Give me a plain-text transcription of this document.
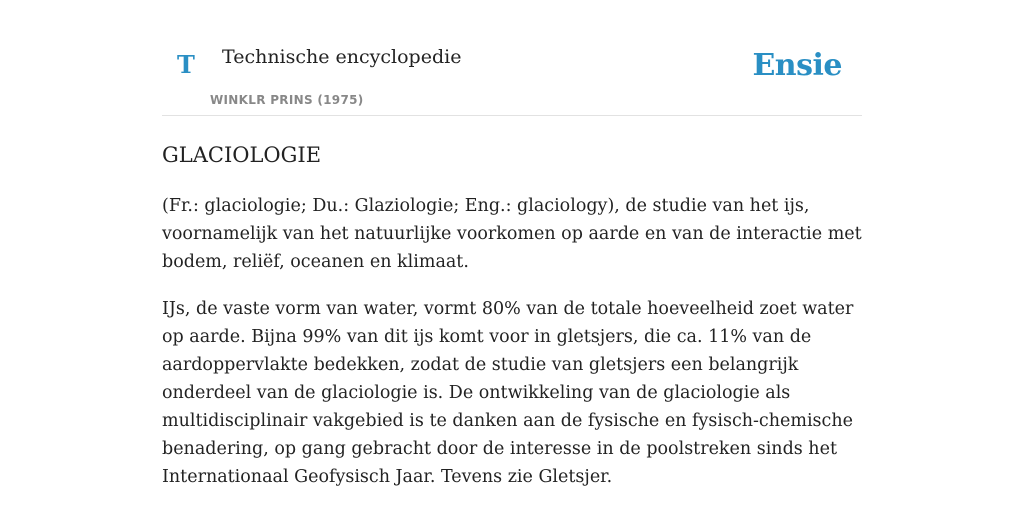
T Technische encyclopedie
WINKLR PRINS (1975)
Ensie
GLACIOLOGIE

(Fr.: glaciologie; Du.: Glaziologie; Eng.: glaciology), de studie van het ijs, voornamelijk van het natuurlijke voorkomen op aarde en van de interactie met bodem, reliëf, oceanen en klimaat.

IJs, de vaste vorm van water, vormt 80% van de totale hoeveelheid zoet water op aarde. Bijna 99% van dit ijs komt voor in gletsjers, die ca. 11% van de aardoppervlakte bedekken, zodat de studie van gletsjers een belangrijk onderdeel van de glaciologie is. De ontwikkeling van de glaciologie als multidisciplinair vakgebied is te danken aan de fysische en fysisch-chemische benadering, op gang gebracht door de interesse in de poolstreken sinds het Internationaal Geofysisch Jaar. Tevens zie Gletsjer.
